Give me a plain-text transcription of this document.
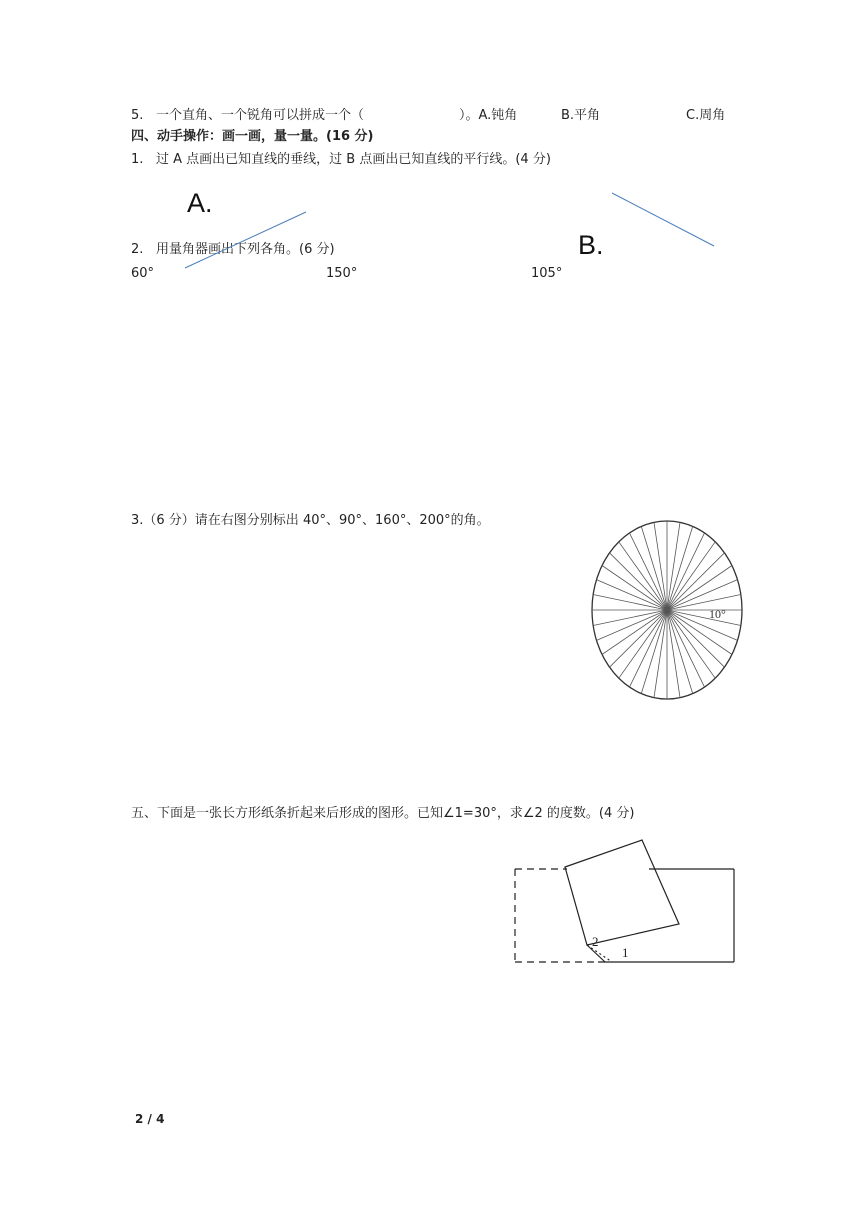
5. 一个直角、一个锐角可以拼成一个（	）。A.钝角	B.平角	C.周角
四、动手操作：画一画，量一量。(16 分)
1. 过 A 点画出已知直线的垂线，过 B 点画出已知直线的平行线。(4 分)
A.
B.
2. 用量角器画出下列各角。(6 分)
60°	150°	105°
3.（6 分）请在右图分别标出 40°、90°、160°、200°的角。
五、下面是一张长方形纸条折起来后形成的图形。已知∠1=30°，求∠2 的度数。(4 分)
2 / 4
10°
2
1
